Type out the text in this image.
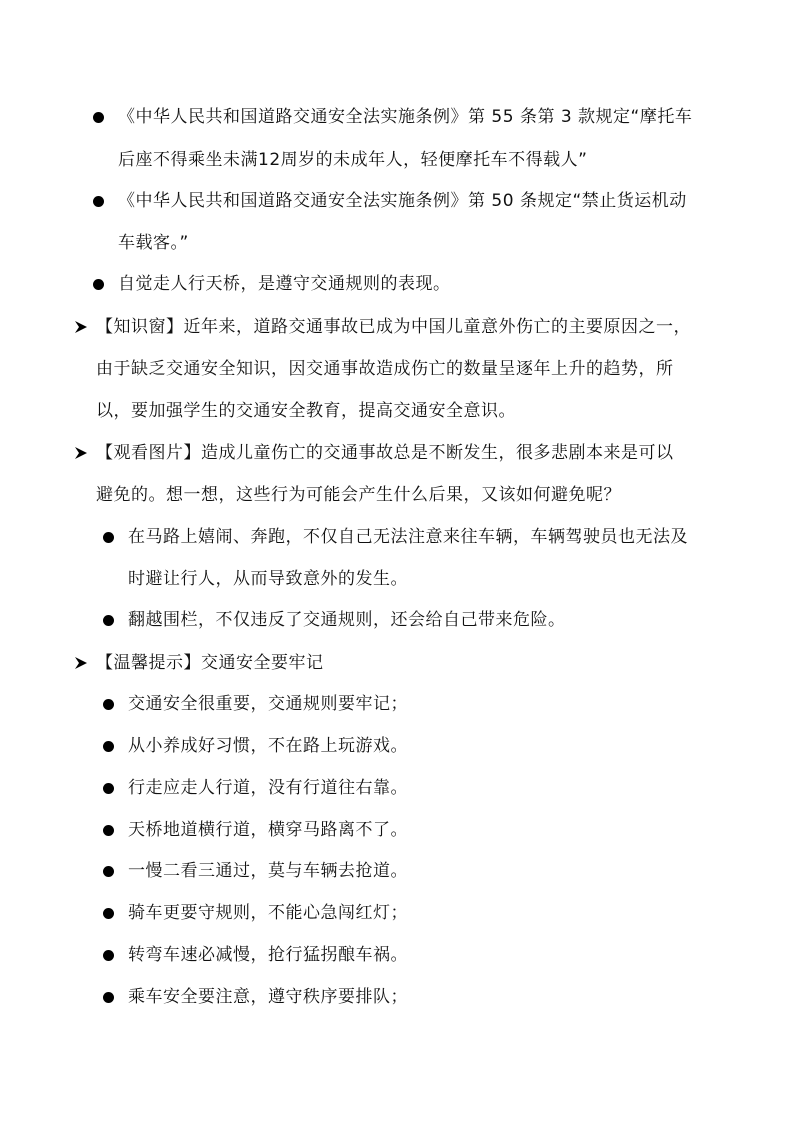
《中华人民共和国道路交通安全法实施条例》第 55 条第 3 款规定“摩托车
后座不得乘坐未满12周岁的未成年人，轻便摩托车不得载人”
《中华人民共和国道路交通安全法实施条例》第 50 条规定“禁止货运机动
车载客。”
自觉走人行天桥，是遵守交通规则的表现。
【知识窗】近年来，道路交通事故已成为中国儿童意外伤亡的主要原因之一，
由于缺乏交通安全知识，因交通事故造成伤亡的数量呈逐年上升的趋势，所
以，要加强学生的交通安全教育，提高交通安全意识。
【观看图片】造成儿童伤亡的交通事故总是不断发生，很多悲剧本来是可以
避免的。想一想，这些行为可能会产生什么后果，又该如何避免呢？
在马路上嬉闹、奔跑，不仅自己无法注意来往车辆，车辆驾驶员也无法及
时避让行人，从而导致意外的发生。
翻越围栏，不仅违反了交通规则，还会给自己带来危险。
【温馨提示】交通安全要牢记
交通安全很重要，交通规则要牢记；
从小养成好习惯，不在路上玩游戏。
行走应走人行道，没有行道往右靠。
天桥地道横行道，横穿马路离不了。
一慢二看三通过，莫与车辆去抢道。
骑车更要守规则，不能心急闯红灯；
转弯车速必减慢，抢行猛拐酿车祸。
乘车安全要注意，遵守秩序要排队；
